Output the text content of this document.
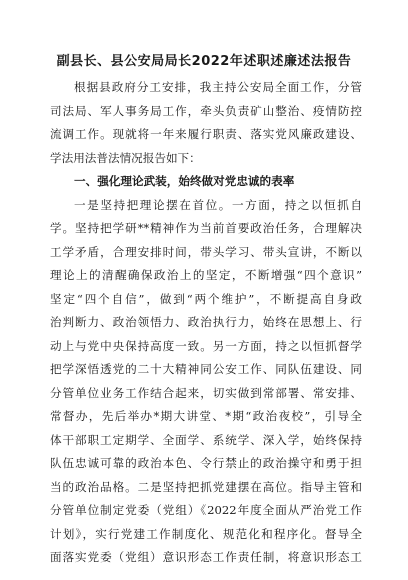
副县长、县公安局局长2022年述职述廉述法报告
根据县政府分工安排，我主持公安局全面工作，分管
司法局、军人事务局工作，牵头负责矿山整治、疫情防控
流调工作。现就将一年来履行职责、落实党风廉政建设、
学法用法普法情况报告如下：
一、强化理论武装，始终做对党忠诚的表率
一是坚持把理论摆在首位。一方面，持之以恒抓自
学。坚持把学研**精神作为当前首要政治任务，合理解决
工学矛盾，合理安排时间，带头学习、带头宣讲，不断以
理论上的清醒确保政治上的坚定，不断增强“四个意识”
坚定“四个自信”，做到“两个维护”，不断提高自身政
治判断力、政治领悟力、政治执行力，始终在思想上、行
动上与党中央保持高度一致。另一方面，持之以恒抓督学
把学深悟透党的二十大精神同公安工作、同队伍建设、同
分管单位业务工作结合起来，切实做到常部署、常安排、
常督办，先后举办*期大讲堂、*期“政治夜校”，引导全
体干部职工定期学、全面学、系统学、深入学，始终保持
队伍忠诚可靠的政治本色、令行禁止的政治操守和勇于担
当的政治品格。二是坚持把抓党建摆在高位。指导主管和
分管单位制定党委（党组）《2022年度全面从严治党工作
计划》，实行党建工作制度化、规范化和程序化。督导全
面落实党委（党组）意识形态工作责任制，将意识形态工
